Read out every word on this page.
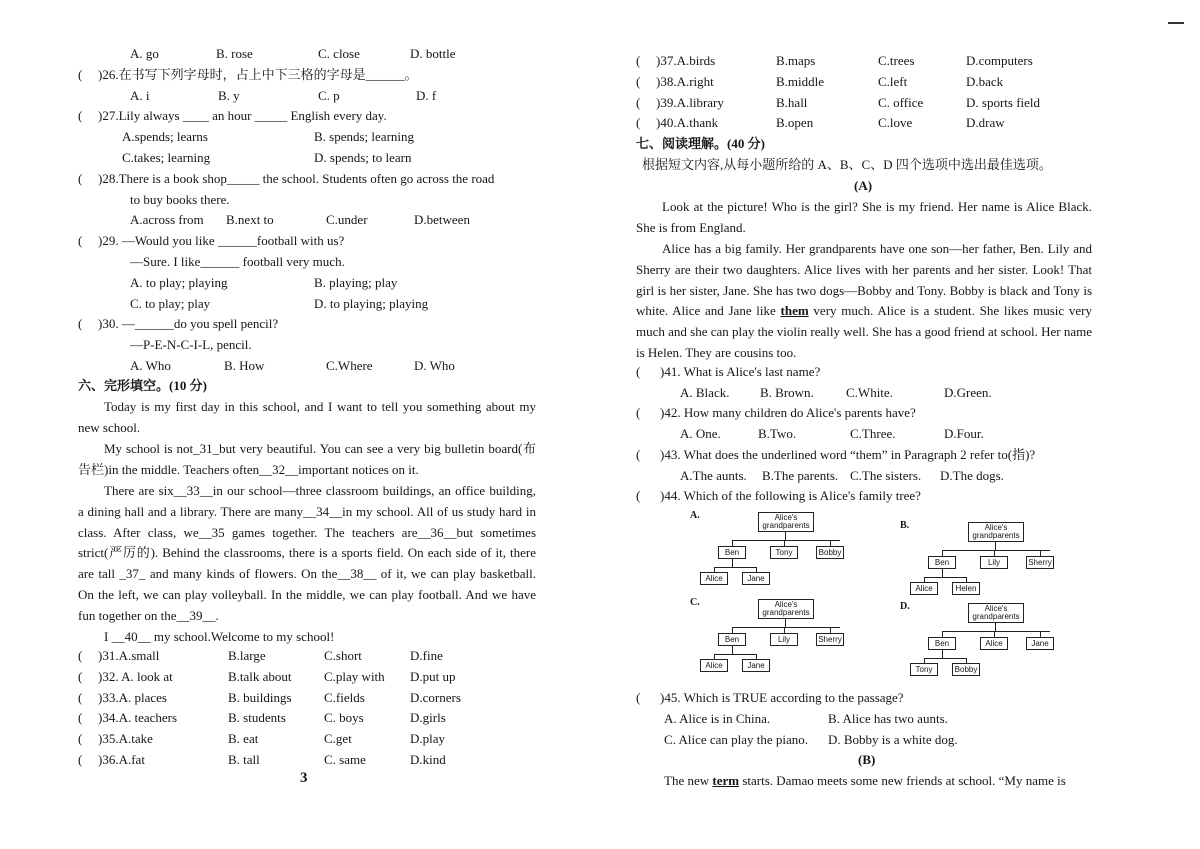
A. go	B. rose	C. close	D. bottle
( )26.在书写下列字母时，占上中下三格的字母是______。
A. i	B. y	C. p	D. f
( )27.Lily always ____ an hour _____ English every day.
A.spends; learns	B. spends; learning
C.takes; learning	D. spends; to learn
( )28.There is a book shop_____ the school. Students often go across the road
to buy books there.
A.across from B.next to	C.under	D.between
( )29. —Would you like ______football with us?
—Sure. I like______ football very much.
A. to play; playing	B. playing; play
C. to play; play	D. to playing; playing
( )30. —______do you spell pencil?
—P-E-N-C-I-L, pencil.
A. Who	B. How	C.Where	D. Who
六、完形填空。(10 分)
Today is my first day in this school, and I want to tell you something about my new school.
My school is not_31_but very beautiful. You can see a very big bulletin board(布告栏)in the middle. Teachers often__32__important notices on it.
There are six__33__in our school—three classroom buildings, an office building, a dining hall and a library. There are many__34__in my school. All of us study hard in class. After class, we__35 games together. The teachers are__36__but sometimes strict(严厉的). Behind the classrooms, there is a sports field. On each side of it, there are tall _37_ and many kinds of flowers. On the__38__ of it, we can play basketball. On the left, we can play volleyball. In the middle, we can play football. And we have fun together on the__39__.
I __40__ my school.Welcome to my school!
( )31.A.small	B.large	C.short	D.fine
( )32. A. look at	B.talk about C.play with D.put up
( )33.A. places	B. buildings C.fields	D.corners
( )34.A. teachers	B. students	C. boys	D.girls
( )35.A.take	B. eat	C.get	D.play
( )36.A.fat	B. tall	C. same	D.kind
3
( )37.A.birds	B.maps	C.trees	D.computers
( )38.A.right	B.middle	C.left	D.back
( )39.A.library	B.hall	C. office	D. sports field
( )40.A.thank	B.open	C.love	D.draw
七、阅读理解。(40 分)
根据短文内容,从每小题所给的 A、B、C、D 四个选项中选出最佳选项。
(A)
Look at the picture! Who is the girl? She is my friend. Her name is Alice Black. She is from England.
Alice has a big family. Her grandparents have one son—her father, Ben. Lily and Sherry are their two daughters. Alice lives with her parents and her sister. Look! That girl is her sister, Jane. She has two dogs—Bobby and Tony. Bobby is black and Tony is white. Alice and Jane like them very much. Alice is a student. She likes music very much and she can play the violin really well. She has a good friend at school. Her name is Helen. They are cousins too.
( )41. What is Alice's last name?
A. Black. B. Brown. C.White.	D.Green.
( )42. How many children do Alice's parents have?
A. One.	B.Two.	C.Three.	D.Four.
( )43. What does the underlined word “them” in Paragraph 2 refer to(指)?
A.The aunts. B.The parents. C.The sisters. D.The dogs.
( )44. Which of the following is Alice's family tree?
A.	Alice's grandparents
Ben	Tony	Bobby
Alice	Jane
B.	Alice's grandparents
Ben	Lily	Sherry
Alice	Helen
C.	Alice's grandparents
Ben	Lily	Sherry
Alice	Jane
D.	Alice's grandparents
Ben	Alice	Jane
Tony	Bobby
( )45. Which is TRUE according to the passage?
A. Alice is in China.	B. Alice has two aunts.
C. Alice can play the piano. D. Bobby is a white dog.
(B)
The new term starts. Damao meets some new friends at school. “My name is
